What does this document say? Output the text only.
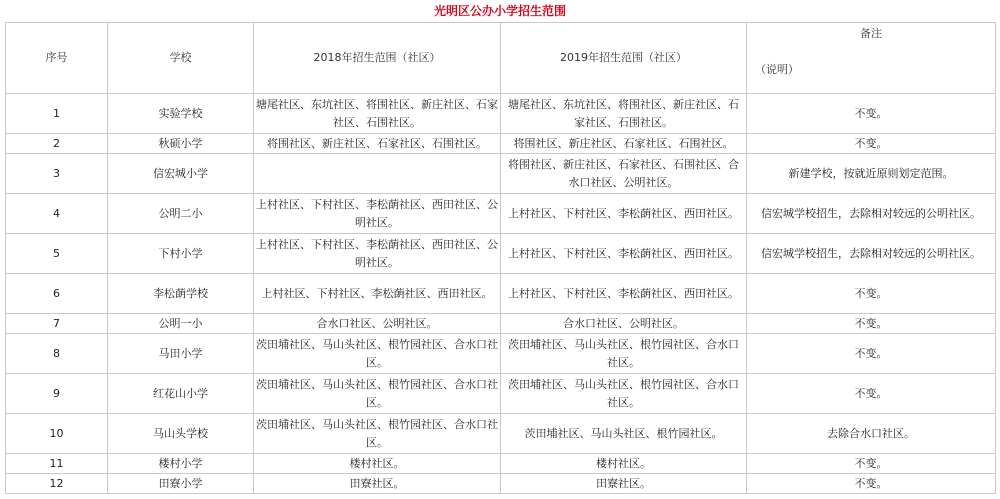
光明区公办小学招生范围
序号	学校	2018年招生范围（社区）	2019年招生范围（社区）	备注
（说明）

1	实验学校	塘尾社区、东坑社区、将围社区、新庄社区、石家社区、石围社区。	塘尾社区、东坑社区、将围社区、新庄社区、石家社区、石围社区。	不变。
2	秋硕小学	将围社区、新庄社区、石家社区、石围社区。	将围社区、新庄社区、石家社区、石围社区。	不变。
3	信宏城小学		将围社区、新庄社区、石家社区、石围社区、合水口社区、公明社区。	新建学校，按就近原则划定范围。
4	公明二小	上村社区、下村社区、李松蓢社区、西田社区、公明社区。	上村社区、下村社区、李松蓢社区、西田社区。	信宏城学校招生，去除相对较远的公明社区。
5	下村小学	上村社区、下村社区、李松蓢社区、西田社区、公明社区。	上村社区、下村社区、李松蓢社区、西田社区。	信宏城学校招生，去除相对较远的公明社区。
6	李松蓢学校	上村社区、下村社区、李松蓢社区、西田社区。	上村社区、下村社区、李松蓢社区、西田社区。	不变。
7	公明一小	合水口社区、公明社区。	合水口社区、公明社区。	不变。
8	马田小学	茨田埔社区、马山头社区、根竹园社区、合水口社区。	茨田埔社区、马山头社区、根竹园社区、合水口社区。	不变。
9	红花山小学	茨田埔社区、马山头社区、根竹园社区、合水口社区。	茨田埔社区、马山头社区、根竹园社区、合水口社区。	不变。
10	马山头学校	茨田埔社区、马山头社区、根竹园社区、合水口社区。	茨田埔社区、马山头社区、根竹园社区。	去除合水口社区。
11	楼村小学	楼村社区。	楼村社区。	不变。
12	田寮小学	田寮社区。	田寮社区。	不变。
